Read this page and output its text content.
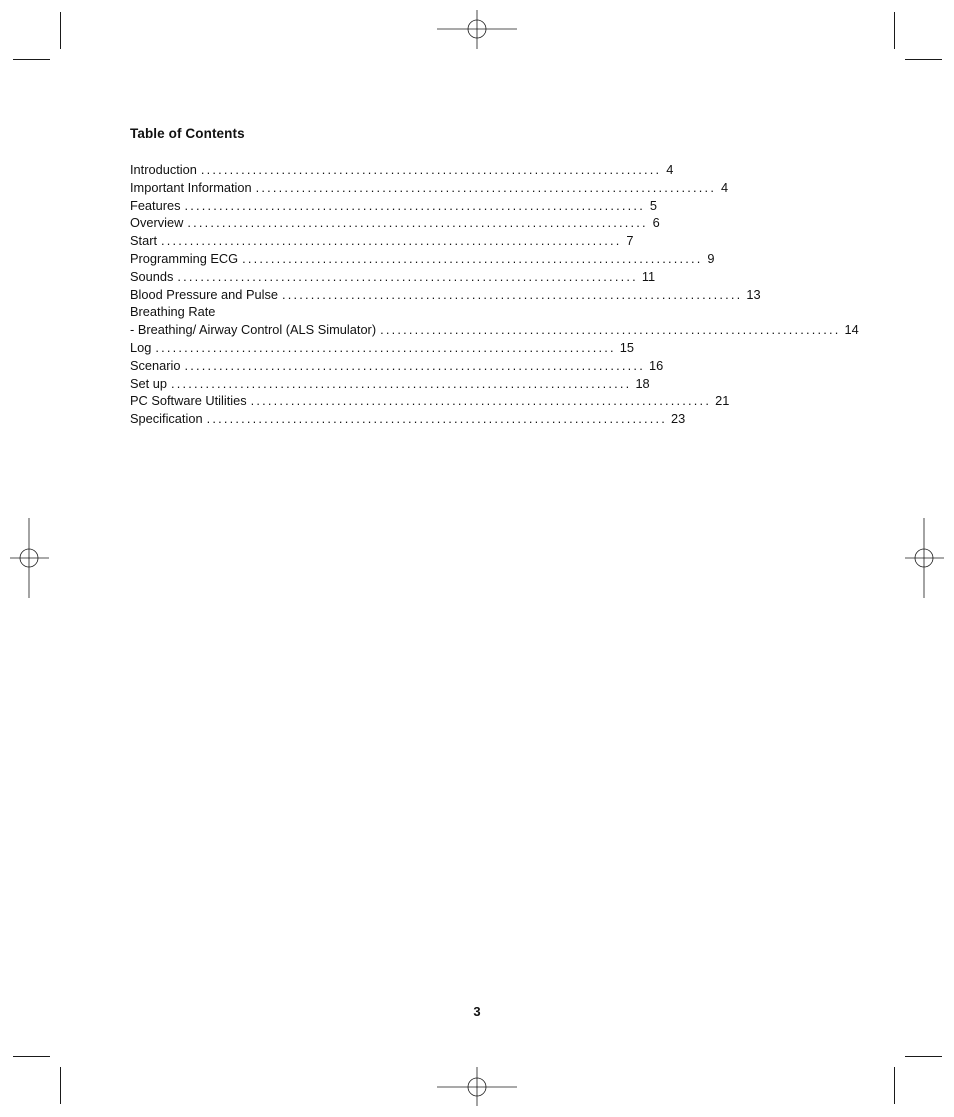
Table of Contents
Introduction ................................................................................ 4
Important Information ................................................................................ 4
Features ................................................................................ 5
Overview ................................................................................ 6
Start ................................................................................ 7
Programming ECG ................................................................................ 9
Sounds ................................................................................ 11
Blood Pressure and Pulse ................................................................................ 13
Breathing Rate
- Breathing/ Airway Control (ALS Simulator) ................................................................................ 14
Log ................................................................................ 15
Scenario ................................................................................ 16
Set up ................................................................................ 18
PC Software Utilities ................................................................................ 21
Specification ................................................................................ 23
3
